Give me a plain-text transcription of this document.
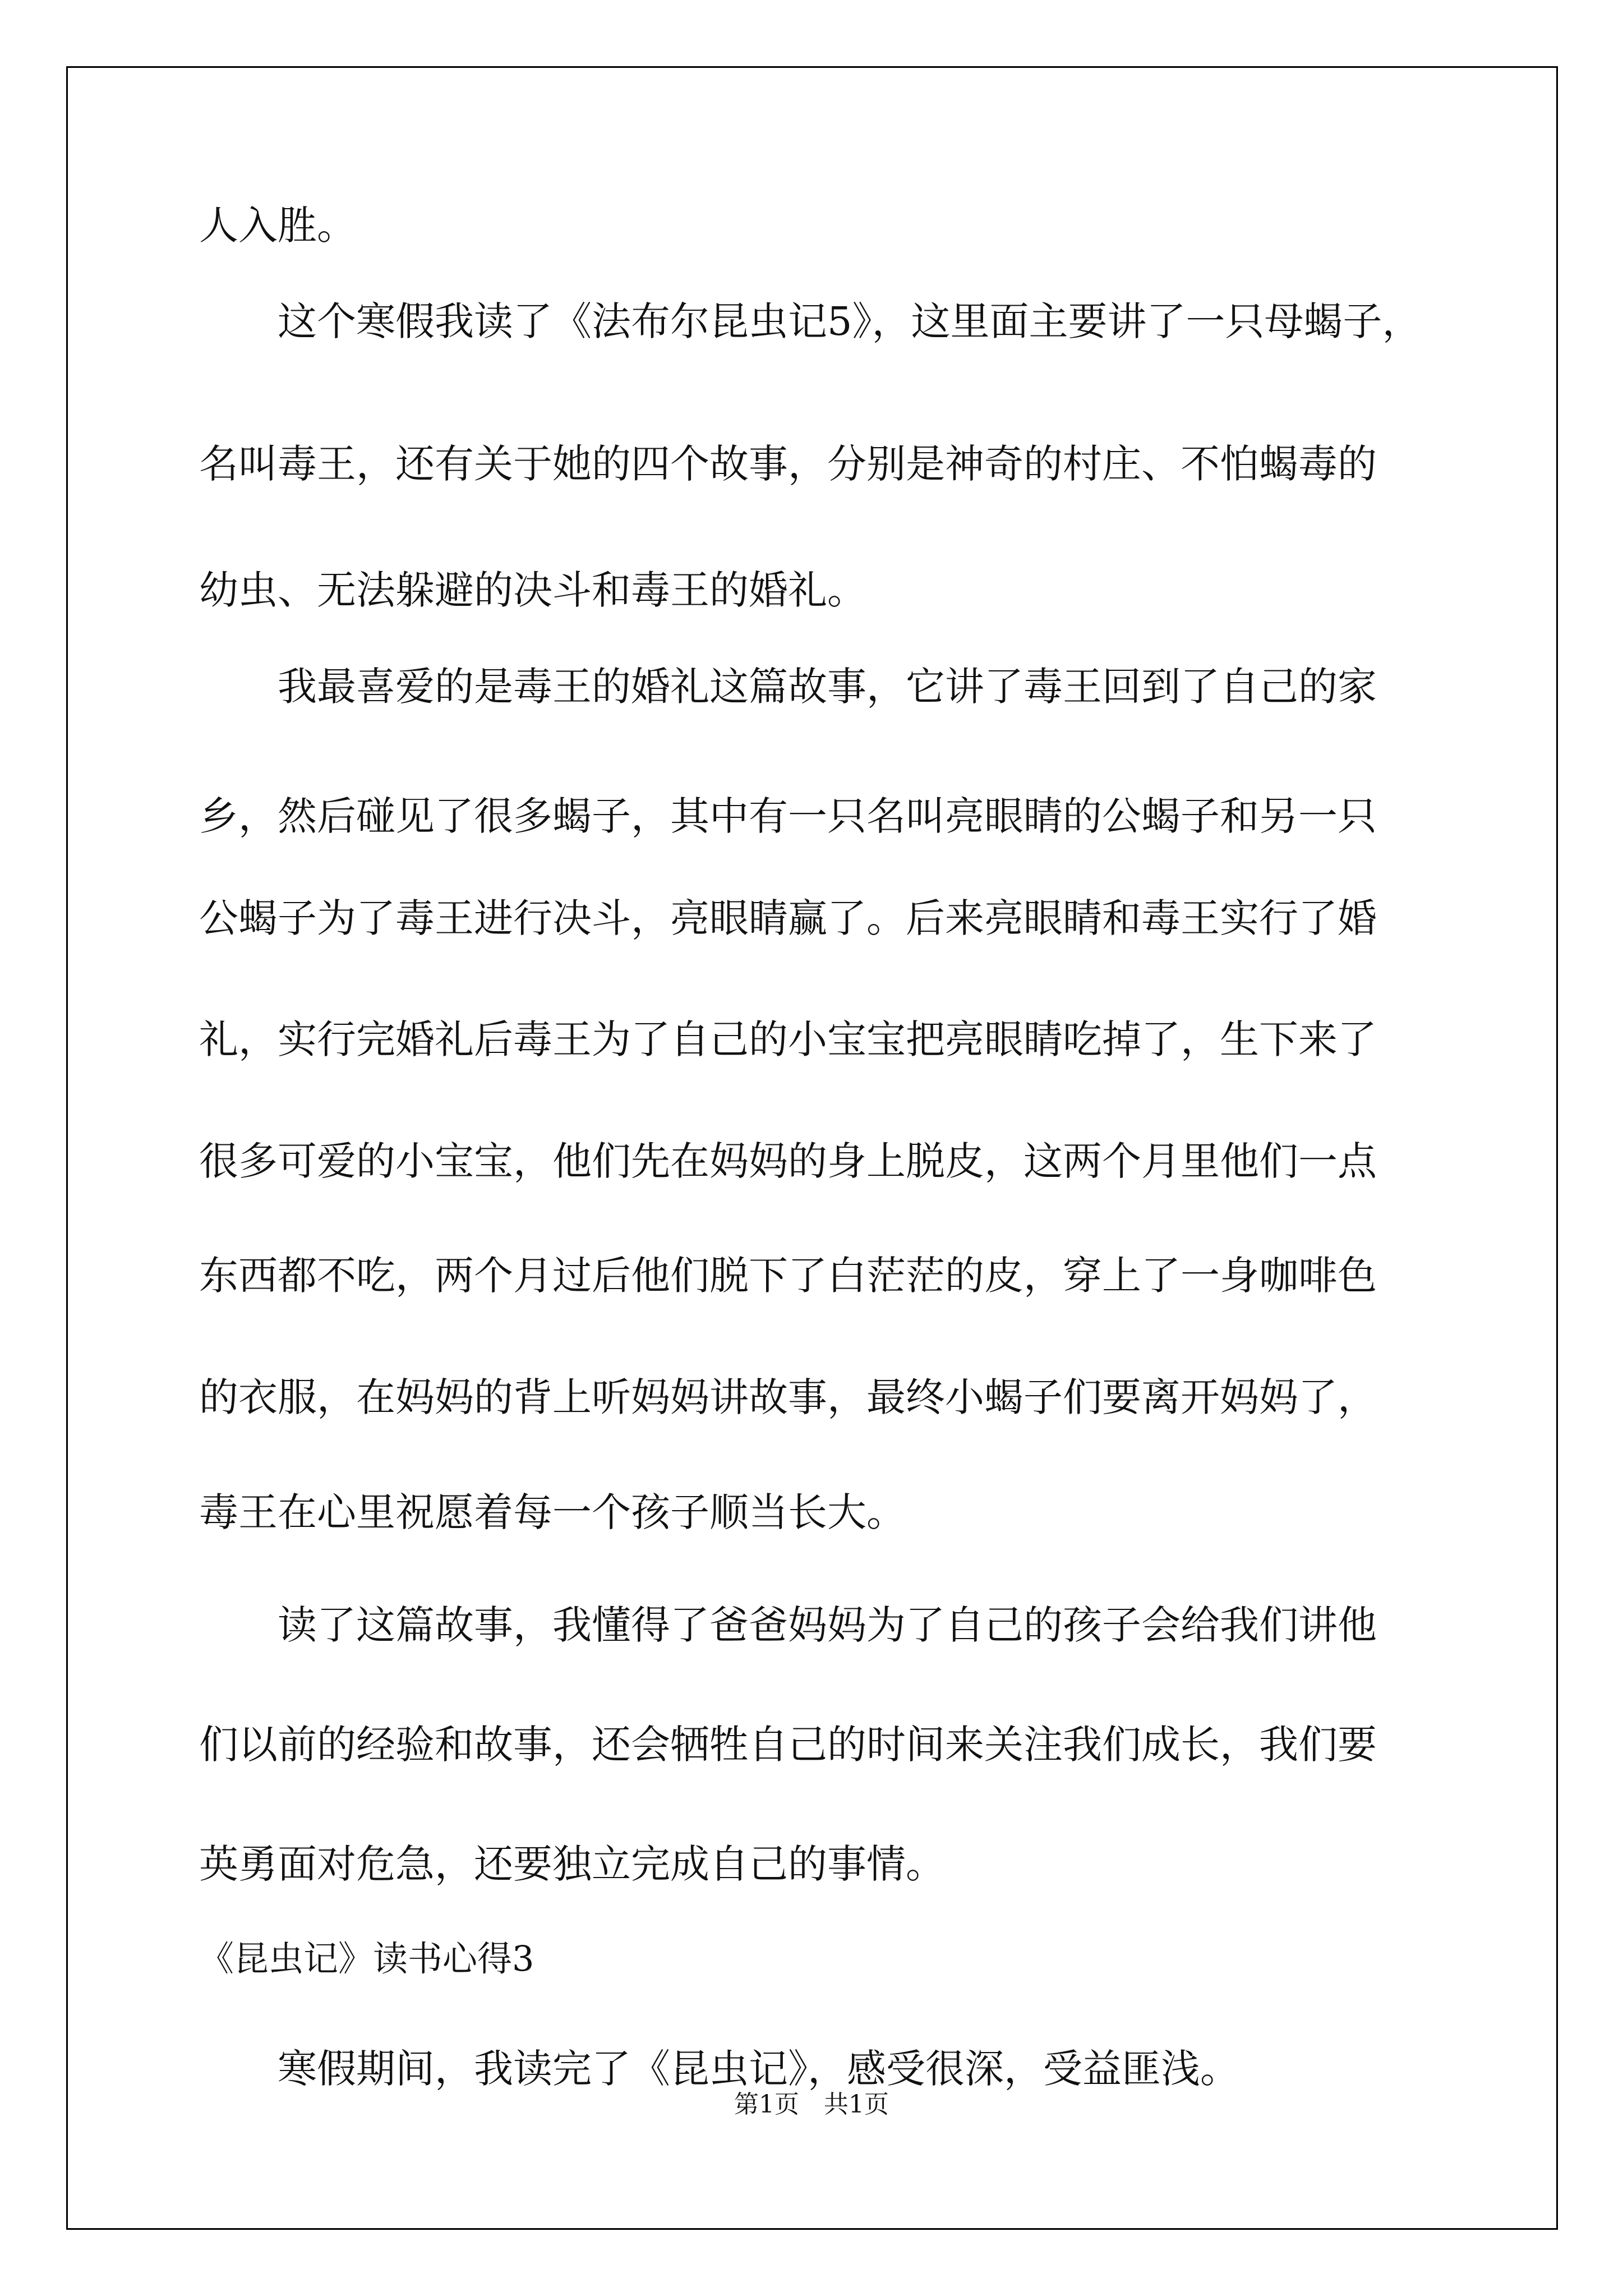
人入胜。

　　这个寒假我读了《法布尔昆虫记5》，这里面主要讲了一只母蝎子，

名叫毒王，还有关于她的四个故事，分别是神奇的村庄、不怕蝎毒的

幼虫、无法躲避的决斗和毒王的婚礼。

　　我最喜爱的是毒王的婚礼这篇故事，它讲了毒王回到了自己的家

乡，然后碰见了很多蝎子，其中有一只名叫亮眼睛的公蝎子和另一只

公蝎子为了毒王进行决斗，亮眼睛赢了。后来亮眼睛和毒王实行了婚

礼，实行完婚礼后毒王为了自己的小宝宝把亮眼睛吃掉了，生下来了

很多可爱的小宝宝，他们先在妈妈的身上脱皮，这两个月里他们一点

东西都不吃，两个月过后他们脱下了白茫茫的皮，穿上了一身咖啡色

的衣服，在妈妈的背上听妈妈讲故事，最终小蝎子们要离开妈妈了，

毒王在心里祝愿着每一个孩子顺当长大。

　　读了这篇故事，我懂得了爸爸妈妈为了自己的孩子会给我们讲他

们以前的经验和故事，还会牺牲自己的时间来关注我们成长，我们要

英勇面对危急，还要独立完成自己的事情。

《昆虫记》读书心得3

　　寒假期间，我读完了《昆虫记》，感受很深，受益匪浅。

第1页　共1页
